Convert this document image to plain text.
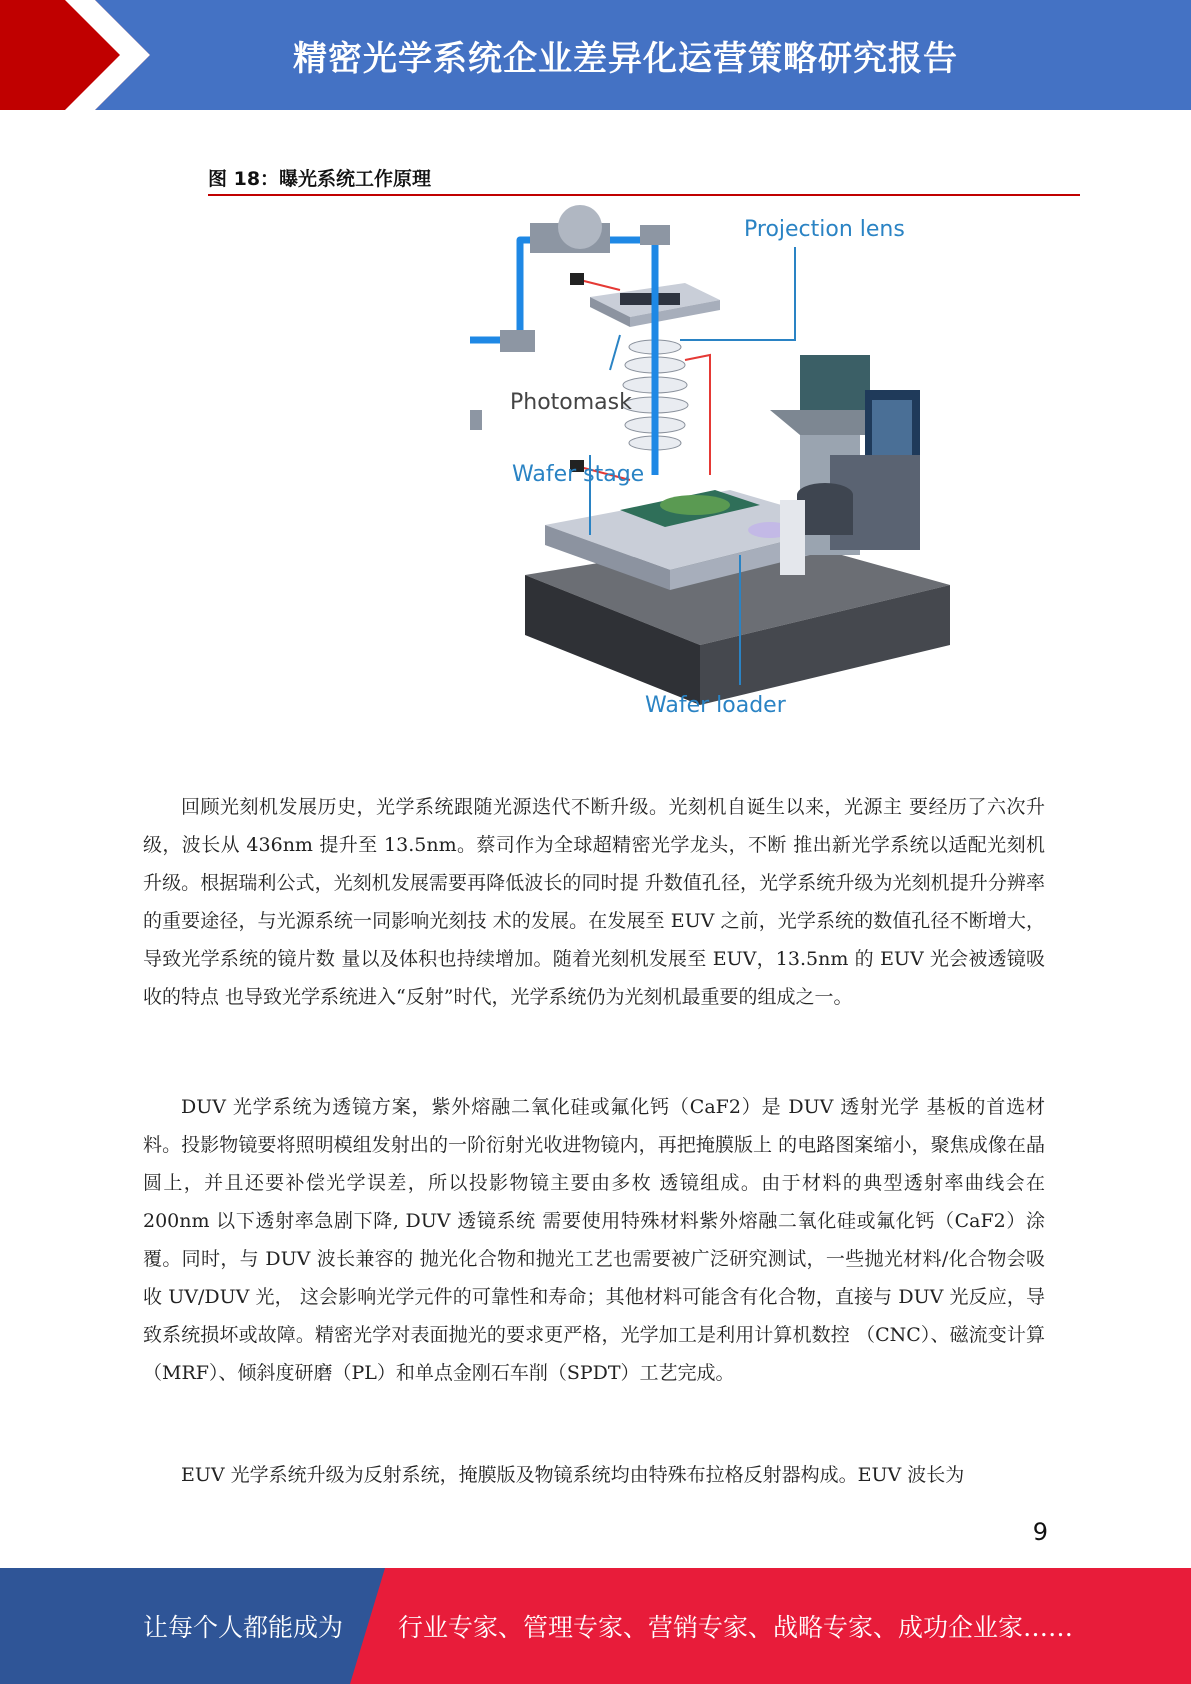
精密光学系统企业差异化运营策略研究报告
图 18：曝光系统工作原理
Projection lens
Photomask
Wafer stage
Wafer loader

回顾光刻机发展历史，光学系统跟随光源迭代不断升级。光刻机自诞生以来，光源主 要经历了六次升级，波长从 436nm 提升至 13.5nm。蔡司作为全球超精密光学龙头，不断 推出新光学系统以适配光刻机升级。根据瑞利公式，光刻机发展需要再降低波长的同时提 升数值孔径，光学系统升级为光刻机提升分辨率的重要途径，与光源系统一同影响光刻技 术的发展。在发展至 EUV 之前，光学系统的数值孔径不断增大，导致光学系统的镜片数 量以及体积也持续增加。随着光刻机发展至 EUV，13.5nm 的 EUV 光会被透镜吸收的特点 也导致光学系统进入“反射”时代，光学系统仍为光刻机最重要的组成之一。

DUV 光学系统为透镜方案，紫外熔融二氧化硅或氟化钙（CaF2）是 DUV 透射光学 基板的首选材料。投影物镜要将照明模组发射出的一阶衍射光收进物镜内，再把掩膜版上 的电路图案缩小，聚焦成像在晶圆上，并且还要补偿光学误差，所以投影物镜主要由多枚 透镜组成。由于材料的典型透射率曲线会在 200nm 以下透射率急剧下降, DUV 透镜系统 需要使用特殊材料紫外熔融二氧化硅或氟化钙（CaF2）涂覆。同时，与 DUV 波长兼容的 抛光化合物和抛光工艺也需要被广泛研究测试，一些抛光材料/化合物会吸收 UV/DUV 光， 这会影响光学元件的可靠性和寿命；其他材料可能含有化合物，直接与 DUV 光反应，导 致系统损坏或故障。精密光学对表面抛光的要求更严格，光学加工是利用计算机数控 （CNC）、磁流变计算（MRF）、倾斜度研磨（PL）和单点金刚石车削（SPDT）工艺完成。

EUV 光学系统升级为反射系统，掩膜版及物镜系统均由特殊布拉格反射器构成。EUV 波长为

9
让每个人都能成为 行业专家、管理专家、营销专家、战略专家、成功企业家……
